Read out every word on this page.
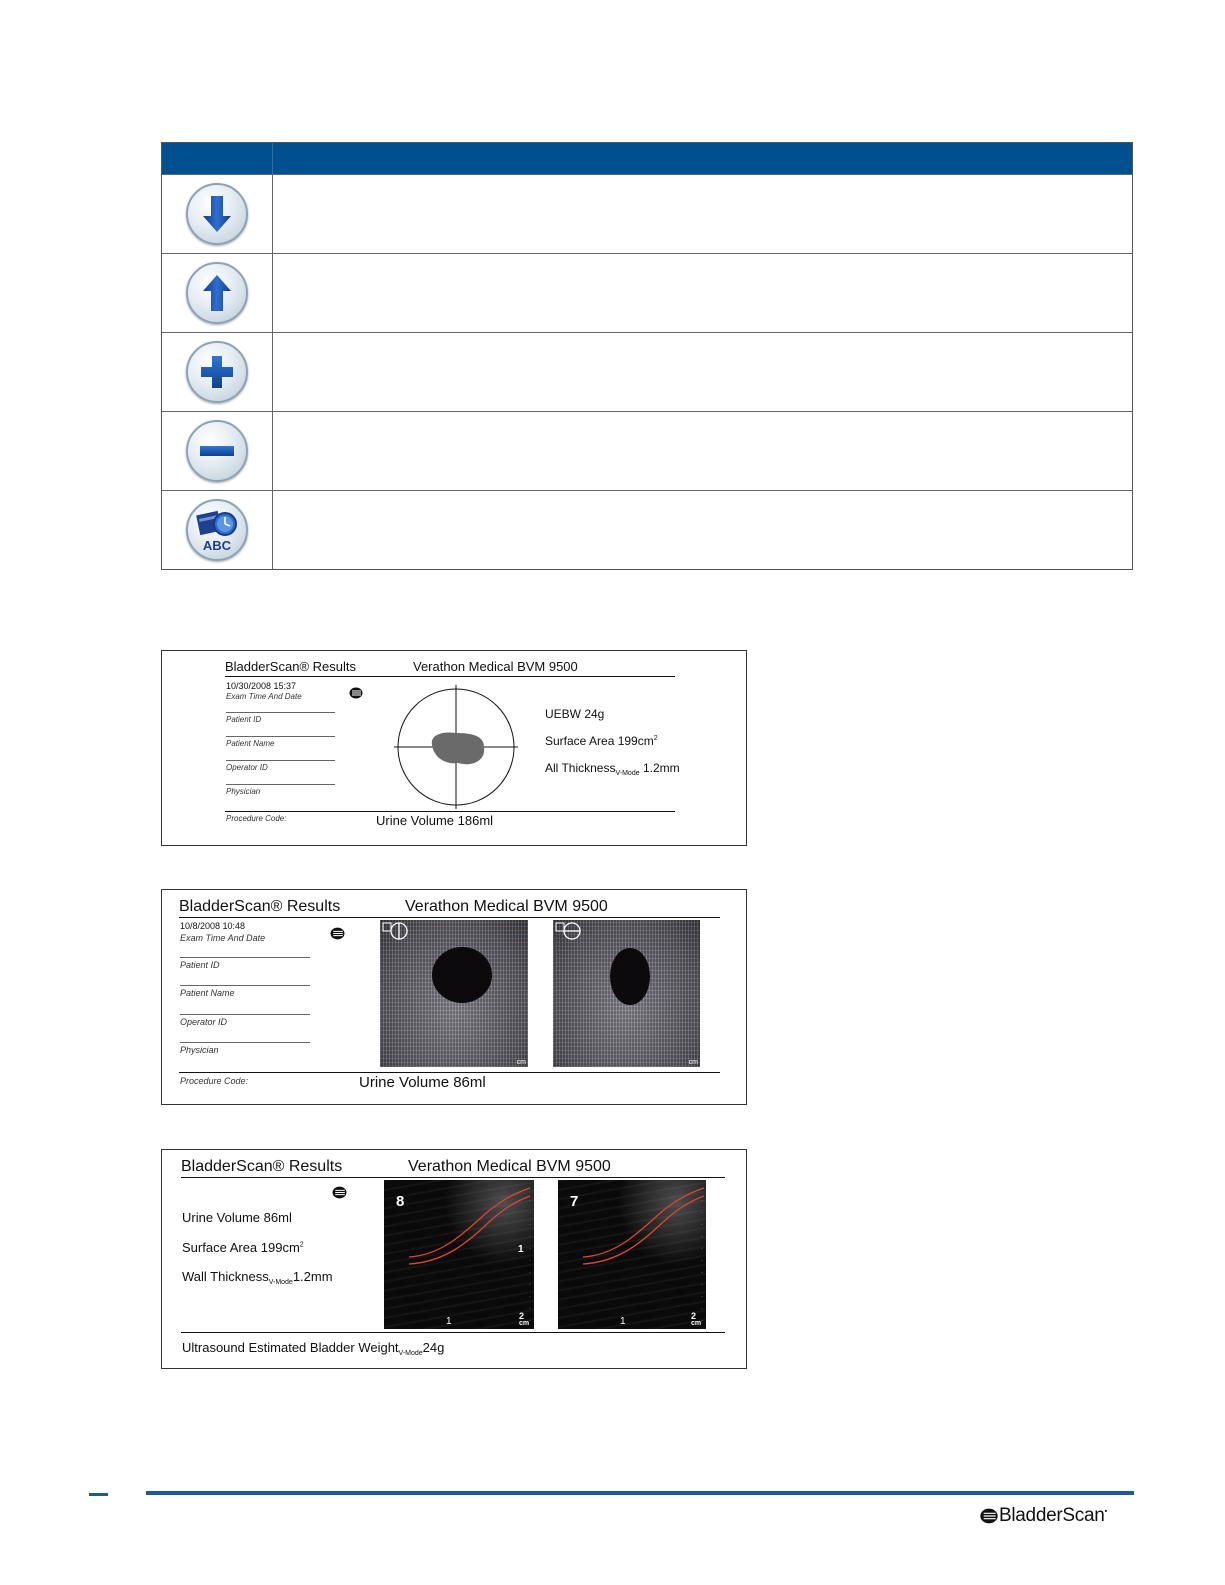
ABC
BladderScan® Results	Verathon Medical BVM 9500
10/30/2008 15:37
Exam Time And Date
Patient ID
Patient Name
Operator ID
Physician
UEBW 24g
Surface Area $199cm^2$
All Thickness$_{V-Mode}$ 1.2mm
Procedure Code:	Urine Volume 186ml
BladderScan® Results	Verathon Medical BVM 9500
10/8/2008 10:48
Exam Time And Date
Patient ID
Patient Name
Operator ID
Physician
cm	cm
Procedure Code:	Urine Volume 86ml
BladderScan® Results	Verathon Medical BVM 9500
Urine Volume 86ml
Surface Area $199cm^2$
Wall Thickness$_{V-Mode}$1.2mm
8
1
1	2
cm
7
1	2
cm
Ultrasound Estimated Bladder Weight$_{V-Mode}$24g
BladderScan•
